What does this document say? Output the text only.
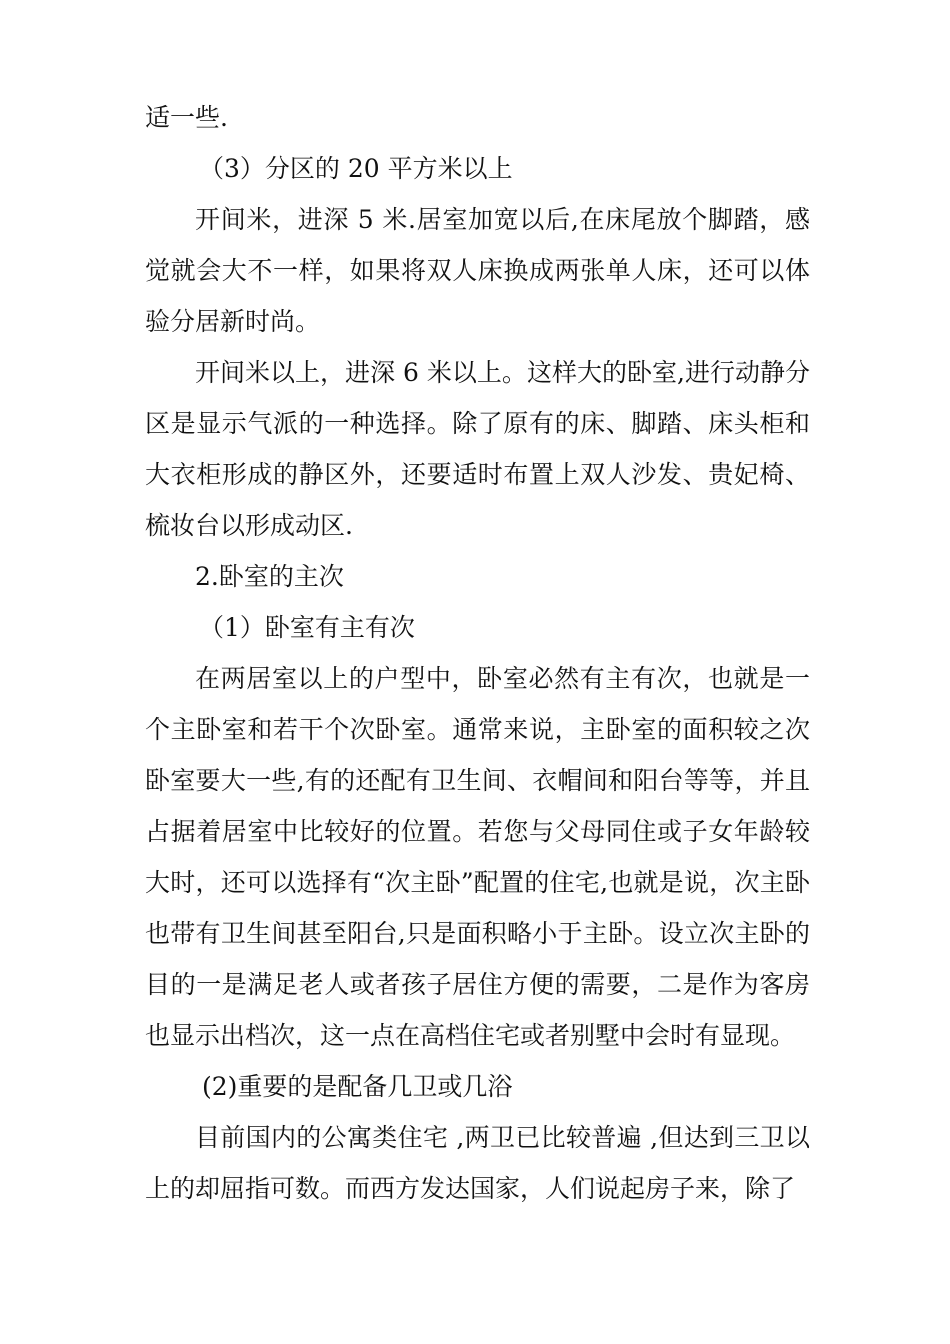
适一些.

（3）分区的 20 平方米以上

开间米，进深 5 米.居室加宽以后,在床尾放个脚踏，感觉就会大不一样，如果将双人床换成两张单人床，还可以体验分居新时尚。

开间米以上，进深 6 米以上。这样大的卧室,进行动静分区是显示气派的一种选择。除了原有的床、脚踏、床头柜和大衣柜形成的静区外，还要适时布置上双人沙发、贵妃椅、梳妆台以形成动区.

2.卧室的主次

（1）卧室有主有次

在两居室以上的户型中，卧室必然有主有次，也就是一个主卧室和若干个次卧室。通常来说，主卧室的面积较之次卧室要大一些,有的还配有卫生间、衣帽间和阳台等等，并且占据着居室中比较好的位置。若您与父母同住或子女年龄较大时，还可以选择有“次主卧”配置的住宅,也就是说，次主卧也带有卫生间甚至阳台,只是面积略小于主卧。设立次主卧的目的一是满足老人或者孩子居住方便的需要，二是作为客房也显示出档次，这一点在高档住宅或者别墅中会时有显现。

(2)重要的是配备几卫或几浴

目前国内的公寓类住宅 ,两卫已比较普遍 ,但达到三卫以上的却屈指可数。而西方发达国家，人们说起房子来，除了
